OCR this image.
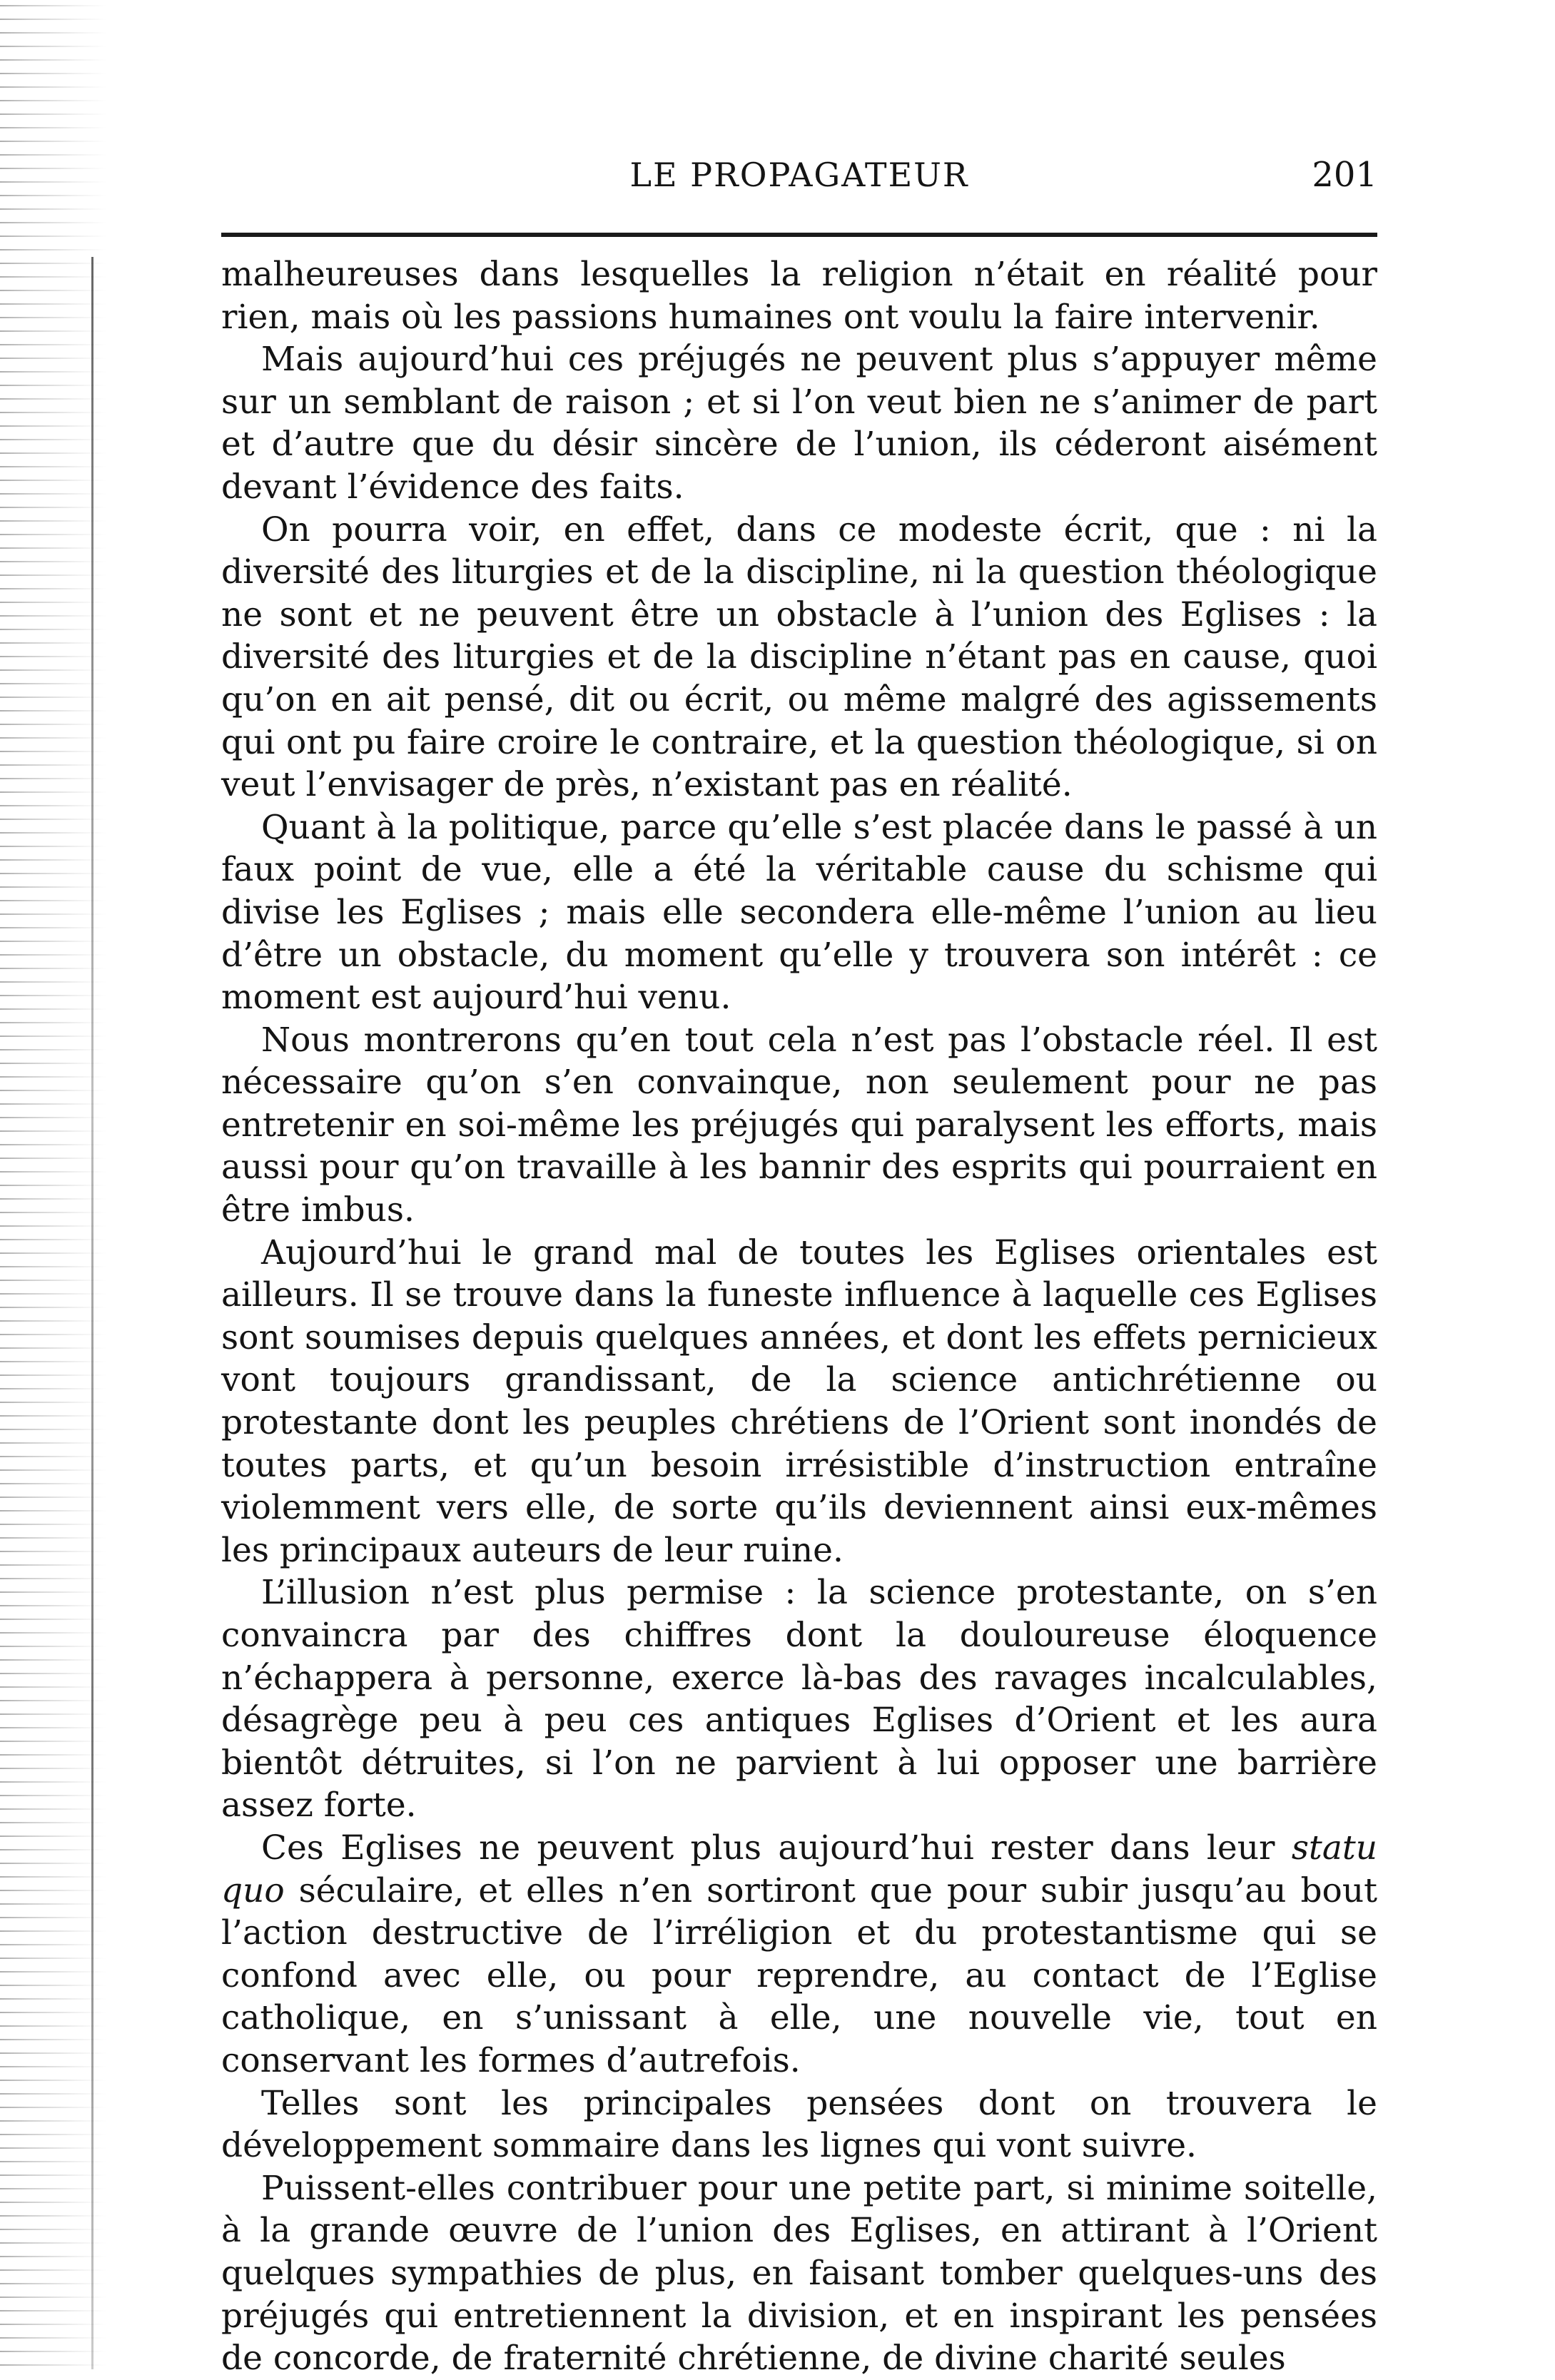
LE PROPAGATEUR	201

malheureuses dans lesquelles la religion n’était en réalité pour rien, mais où les passions humaines ont voulu la faire intervenir.

Mais aujourd’hui ces préjugés ne peuvent plus s’appuyer même sur un semblant de raison ; et si l’on veut bien ne s’animer de part et d’autre que du désir sincère de l’union, ils céderont aisément devant l’évidence des faits.

On pourra voir, en effet, dans ce modeste écrit, que : ni la diversité des liturgies et de la discipline, ni la question théologique ne sont et ne peuvent être un obstacle à l’union des Eglises : la diversité des liturgies et de la discipline n’étant pas en cause, quoi qu’on en ait pensé, dit ou écrit, ou même malgré des agissements qui ont pu faire croire le contraire, et la question théologique, si on veut l’envisager de près, n’existant pas en réalité.

Quant à la politique, parce qu’elle s’est placée dans le passé à un faux point de vue, elle a été la véritable cause du schisme qui divise les Eglises ; mais elle secondera elle-même l’union au lieu d’être un obstacle, du moment qu’elle y trouvera son intérêt : ce moment est aujourd’hui venu.

Nous montrerons qu’en tout cela n’est pas l’obstacle réel. Il est nécessaire qu’on s’en convainque, non seulement pour ne pas entretenir en soi-même les préjugés qui paralysent les efforts, mais aussi pour qu’on travaille à les bannir des esprits qui pourraient en être imbus.

Aujourd’hui le grand mal de toutes les Eglises orientales est ailleurs. Il se trouve dans la funeste influence à laquelle ces Eglises sont soumises depuis quelques années, et dont les effets pernicieux vont toujours grandissant, de la science antichrétienne ou protestante dont les peuples chrétiens de l’Orient sont inondés de toutes parts, et qu’un besoin irrésistible d’instruction entraîne violemment vers elle, de sorte qu’ils deviennent ainsi eux-mêmes les principaux auteurs de leur ruine.

L’illusion n’est plus permise : la science protestante, on s’en convaincra par des chiffres dont la douloureuse éloquence n’échappera à personne, exerce là-bas des ravages incalculables, désagrège peu à peu ces antiques Eglises d’Orient et les aura bientôt détruites, si l’on ne parvient à lui opposer une barrière assez forte.

Ces Eglises ne peuvent plus aujourd’hui rester dans leur statu quo séculaire, et elles n’en sortiront que pour subir jusqu’au bout l’action destructive de l’irréligion et du protestantisme qui se confond avec elle, ou pour reprendre, au contact de l’Eglise catholique, en s’unissant à elle, une nouvelle vie, tout en conservant les formes d’autrefois.

Telles sont les principales pensées dont on trouvera le développement sommaire dans les lignes qui vont suivre.

Puissent-elles contribuer pour une petite part, si minime soitelle, à la grande œuvre de l’union des Eglises, en attirant à l’Orient quelques sympathies de plus, en faisant tomber quelques-uns des préjugés qui entretiennent la division, et en inspirant les pensées de concorde, de fraternité chrétienne, de divine charité seules
